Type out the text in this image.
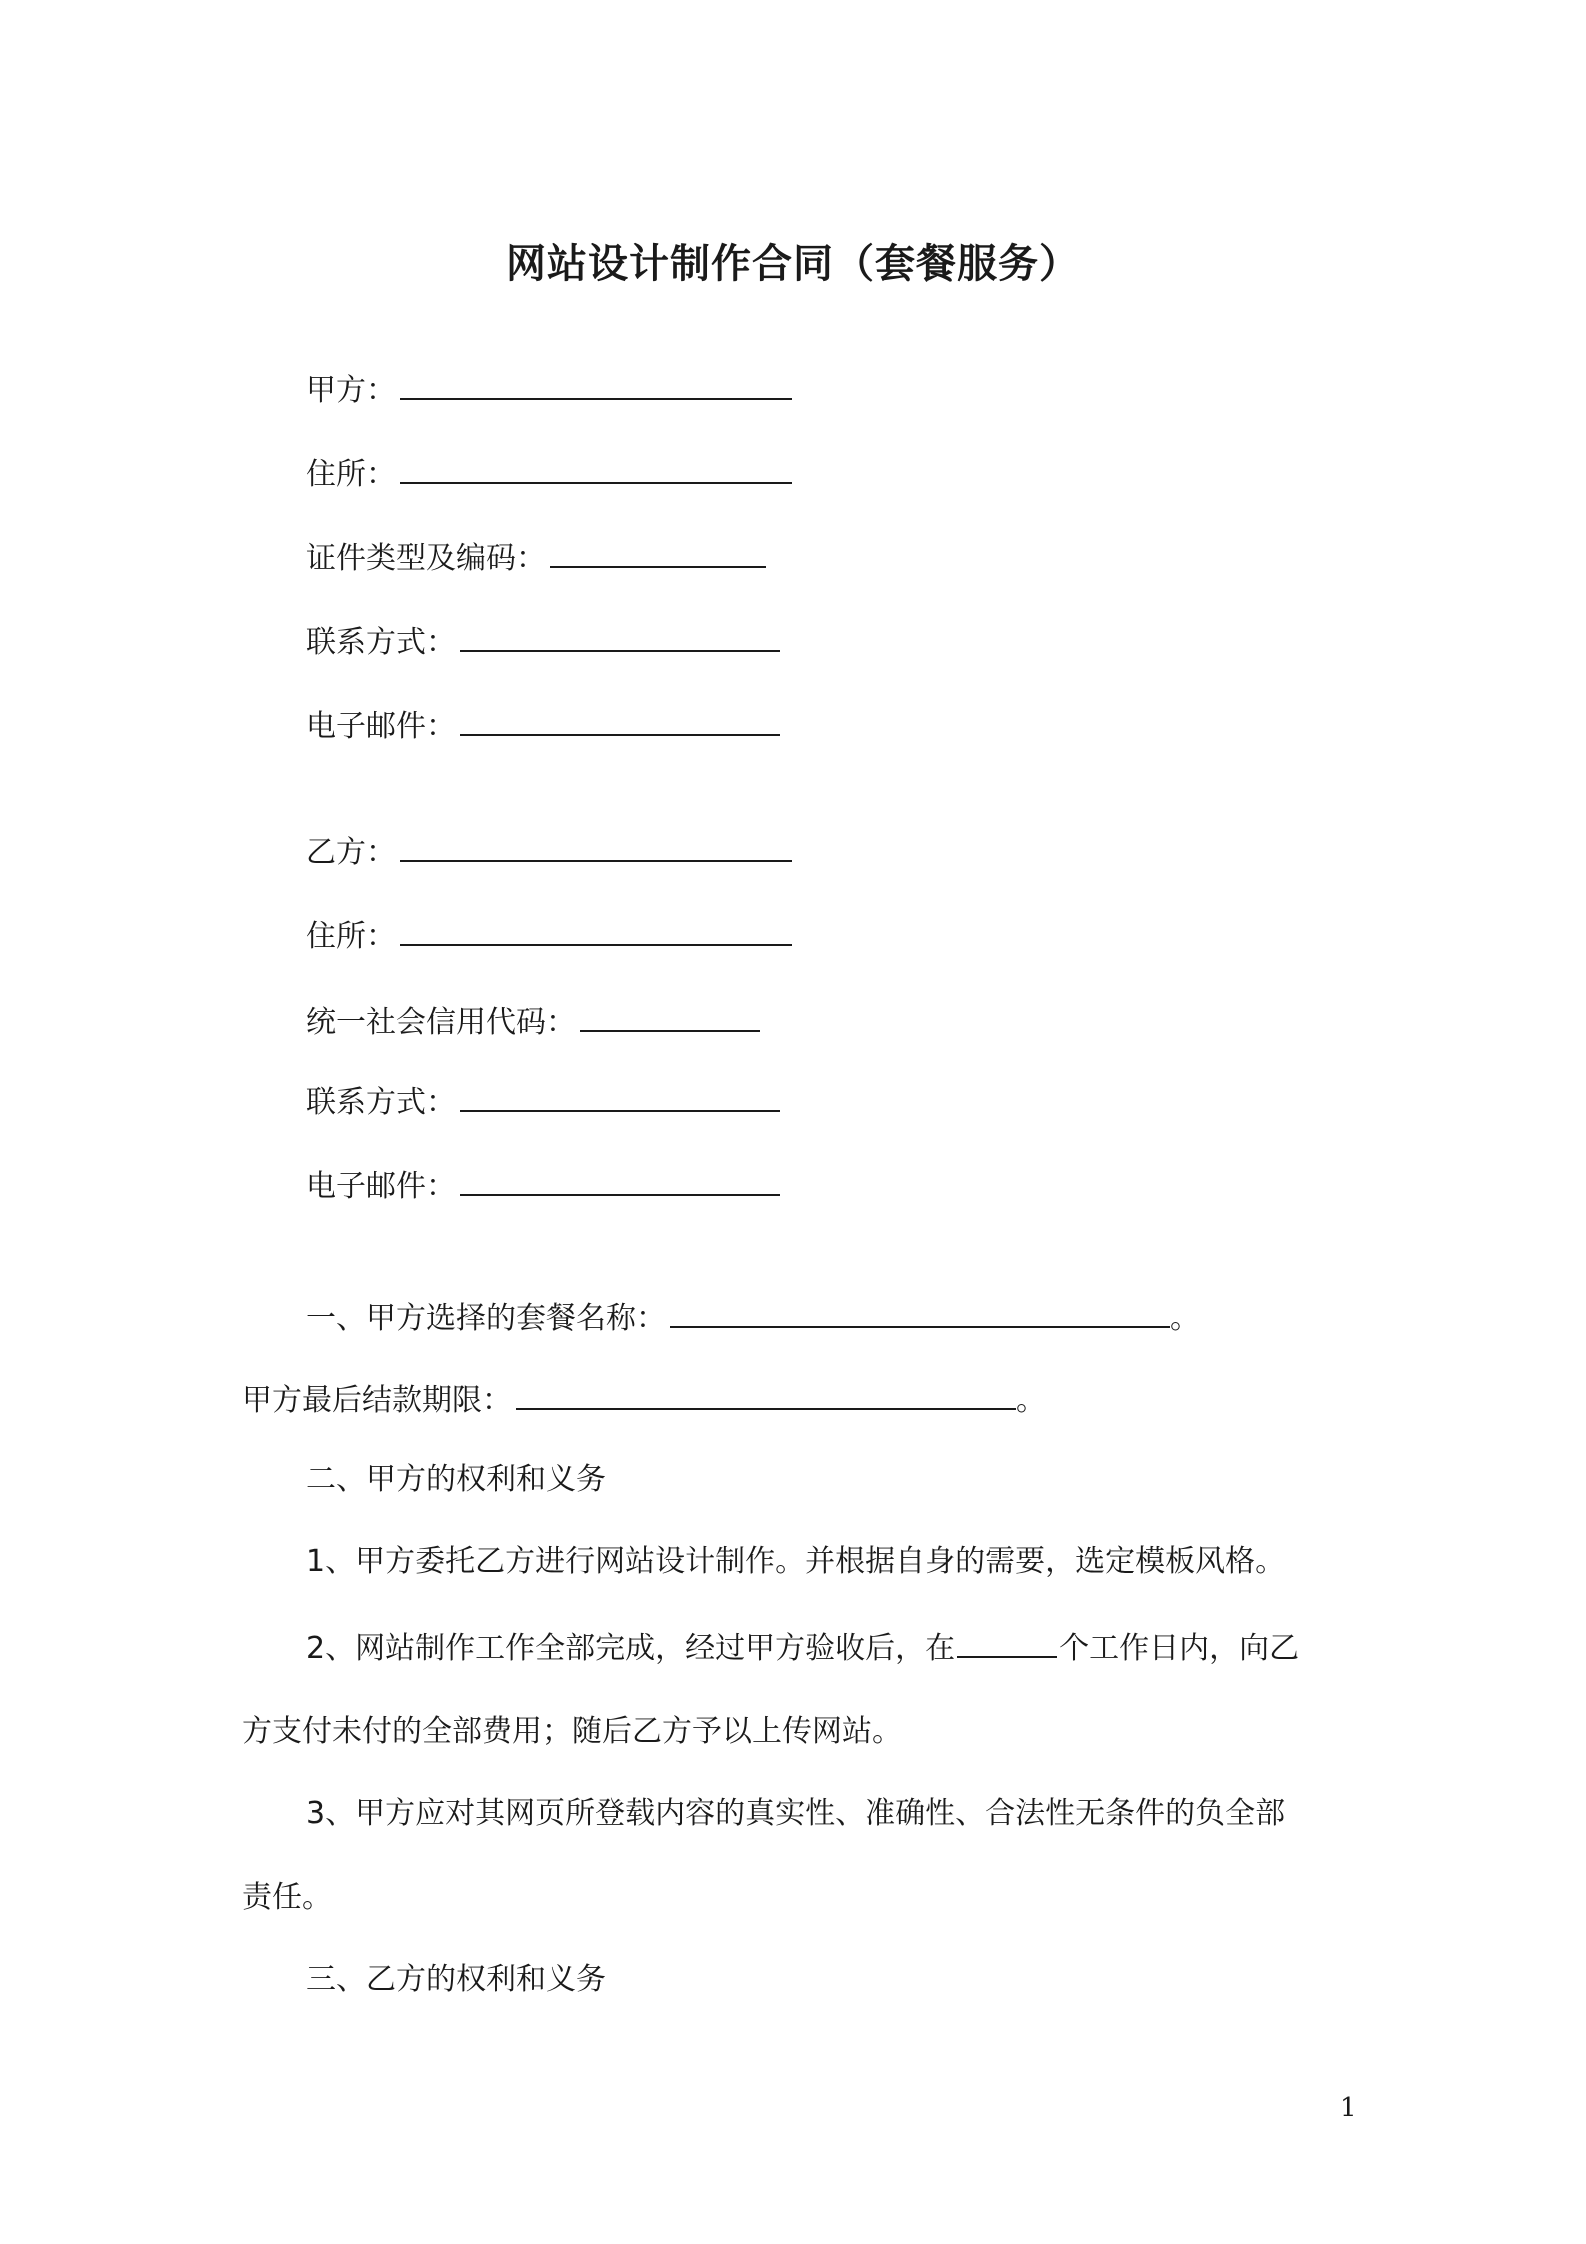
网站设计制作合同（套餐服务）
甲方：
住所：
证件类型及编码：
联系方式：
电子邮件：
乙方：
住所：
统一社会信用代码：
联系方式：
电子邮件：
一、甲方选择的套餐名称：	。
甲方最后结款期限：	。
二、甲方的权利和义务
1、甲方委托乙方进行网站设计制作。并根据自身的需要，选定模板风格。
2、网站制作工作全部完成，经过甲方验收后，在	个工作日内，向乙
方支付未付的全部费用；随后乙方予以上传网站。
3、甲方应对其网页所登载内容的真实性、准确性、合法性无条件的负全部
责任。
三、乙方的权利和义务
1
